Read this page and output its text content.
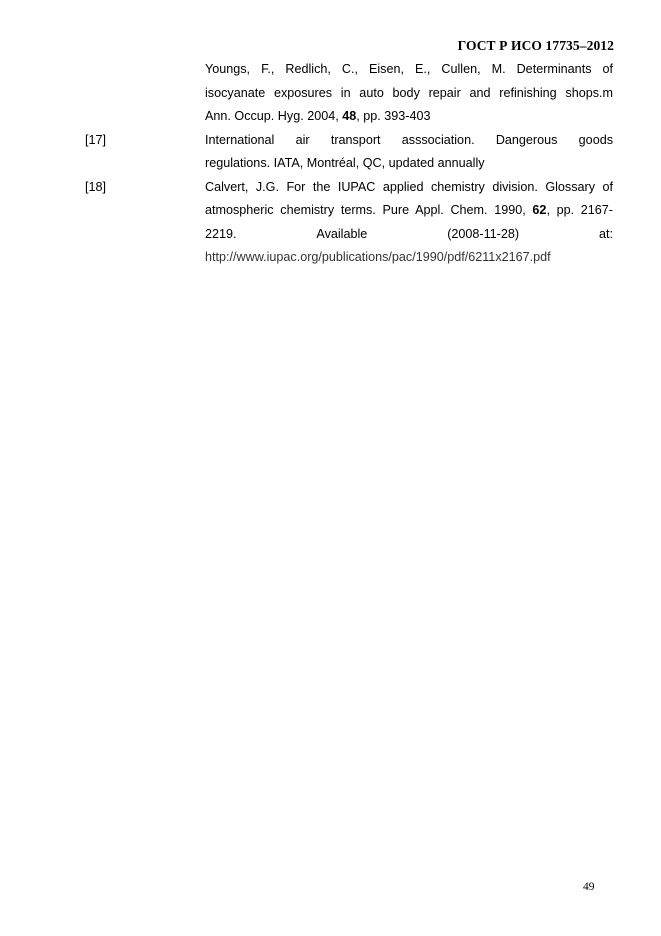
ГОСТ Р ИСО 17735–2012
Youngs, F., Redlich, C., Eisen, E., Cullen, M. Determinants of
isocyanate exposures in auto body repair and refinishing shops.m
Ann. Occup. Hyg. 2004, 48, pp. 393-403
[17]	International air transport asssociation. Dangerous goods
regulations. IATA, Montréal, QC, updated annually
[18]	Calvert, J.G. For the IUPAC applied chemistry division. Glossary of
atmospheric chemistry terms. Pure Appl. Chem. 1990, 62, pp. 2167-
2219.	Available	(2008-11-28)	at:
http://www.iupac.org/publications/pac/1990/pdf/6211x2167.pdf
49
